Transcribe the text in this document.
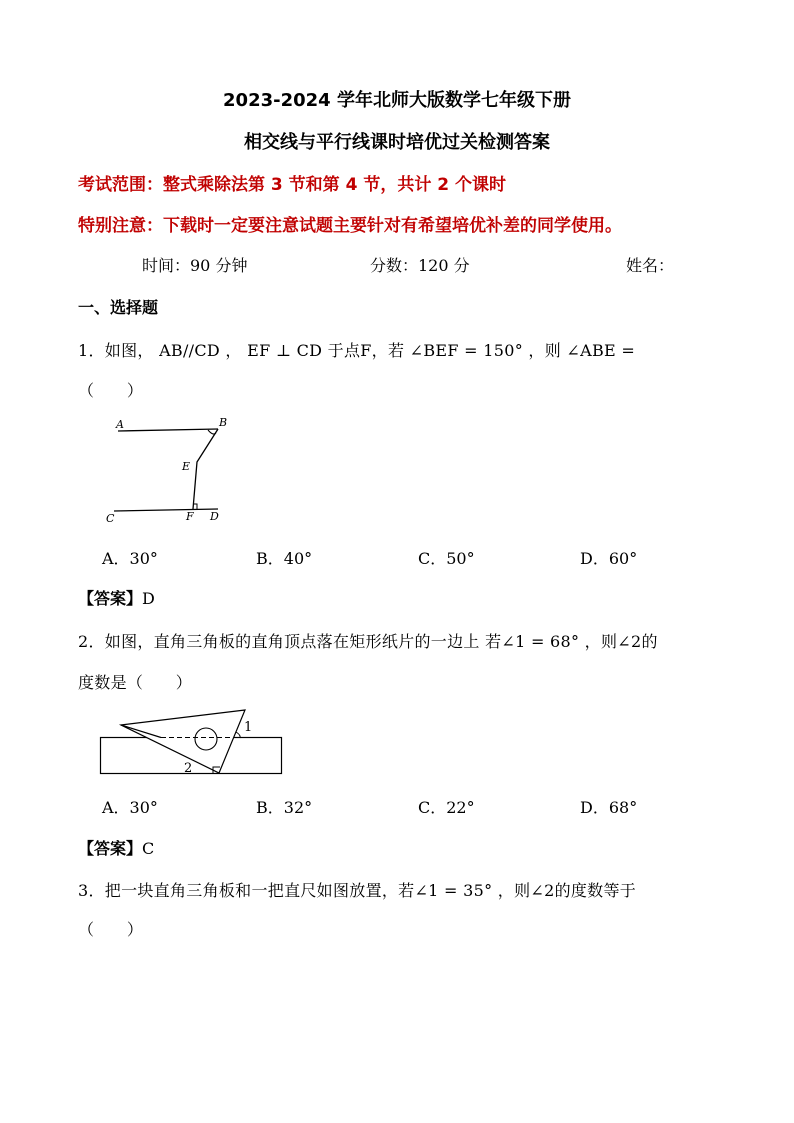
2023-2024 学年北师大版数学七年级下册
相交线与平行线课时培优过关检测答案
考试范围：整式乘除法第 3 节和第 4 节，共计 2 个课时
特别注意：下载时一定要注意试题主要针对有希望培优补差的同学使用。
时间：90 分钟	分数：120 分	姓名：
一、选择题
1．如图， AB//CD ， EF ⊥ CD 于点F，若 ∠BEF = 150° ，则 ∠ABE =
（　　）
A	B
E
C	F D
A．30°	B．40°	C．50°	D．60°
【答案】D
2．如图，直角三角板的直角顶点落在矩形纸片的一边上 若∠1 = 68° ，则∠2的
度数是（　　）
1
2
A．30°	B．32°	C．22°	D．68°
【答案】C
3．把一块直角三角板和一把直尺如图放置，若∠1 = 35° ，则∠2的度数等于
（　　）
